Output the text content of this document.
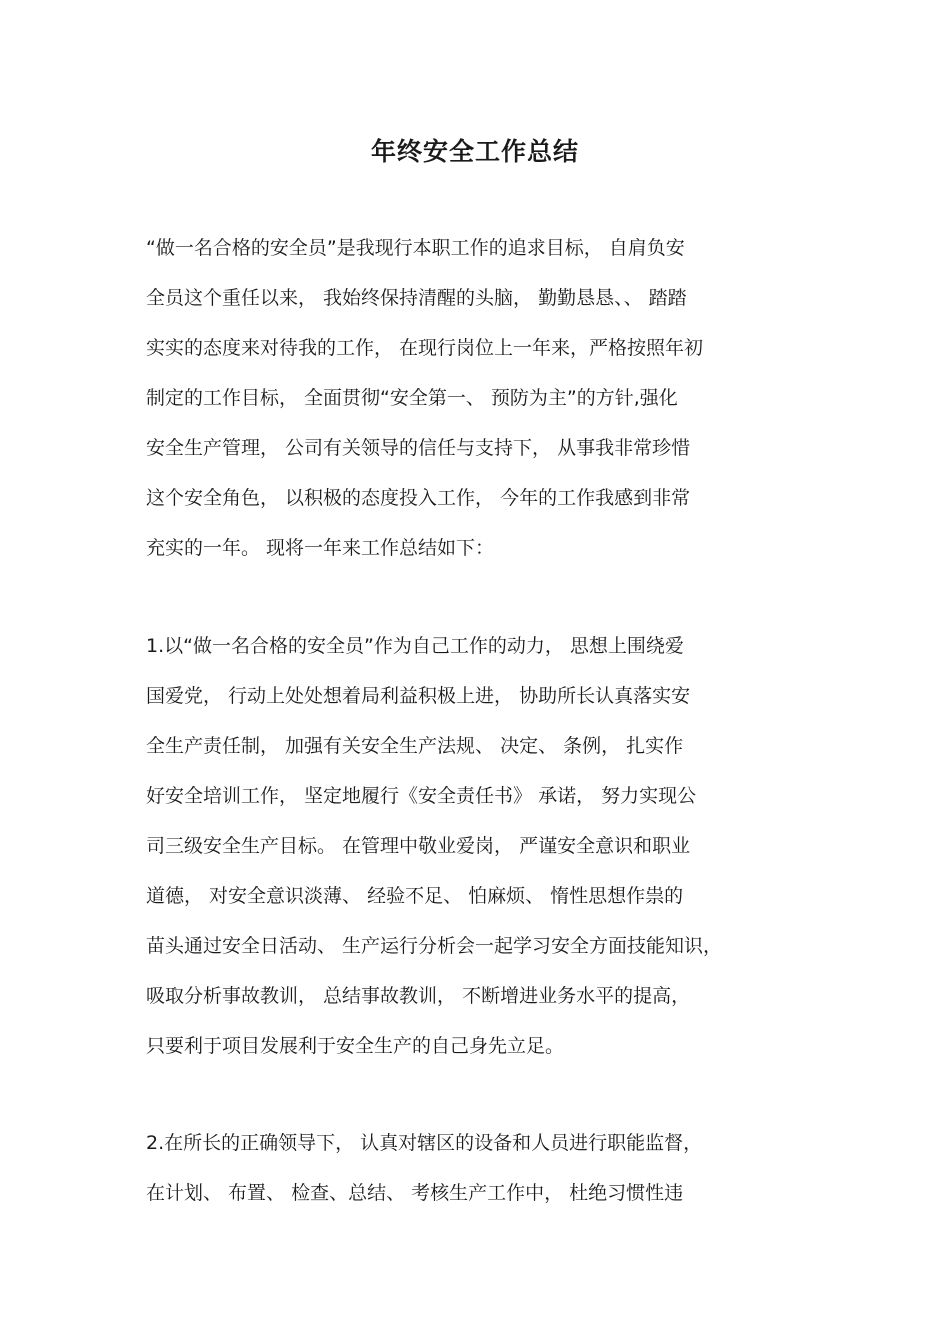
年终安全工作总结
“做一名合格的安全员”是我现行本职工作的追求目标， 自肩负安
全员这个重任以来， 我始终保持清醒的头脑， 勤勤恳恳、、 踏踏
实实的态度来对待我的工作， 在现行岗位上一年来，严格按照年初
制定的工作目标， 全面贯彻“安全第一、 预防为主”的方针,强化
安全生产管理， 公司有关领导的信任与支持下， 从事我非常珍惜
这个安全角色， 以积极的态度投入工作， 今年的工作我感到非常
充实的一年。 现将一年来工作总结如下：
1.以“做一名合格的安全员”作为自己工作的动力， 思想上围绕爱
国爱党， 行动上处处想着局利益积极上进， 协助所长认真落实安
全生产责任制， 加强有关安全生产法规、 决定、 条例， 扎实作
好安全培训工作， 坚定地履行《安全责任书》 承诺， 努力实现公
司三级安全生产目标。 在管理中敬业爱岗， 严谨安全意识和职业
道德， 对安全意识淡薄、 经验不足、 怕麻烦、 惰性思想作祟的
苗头通过安全日活动、 生产运行分析会一起学习安全方面技能知识，
吸取分析事故教训， 总结事故教训， 不断增进业务水平的提高，
只要利于项目发展利于安全生产的自己身先立足。
2.在所长的正确领导下， 认真对辖区的设备和人员进行职能监督，
在计划、 布置、 检查、总结、 考核生产工作中， 杜绝习惯性违
